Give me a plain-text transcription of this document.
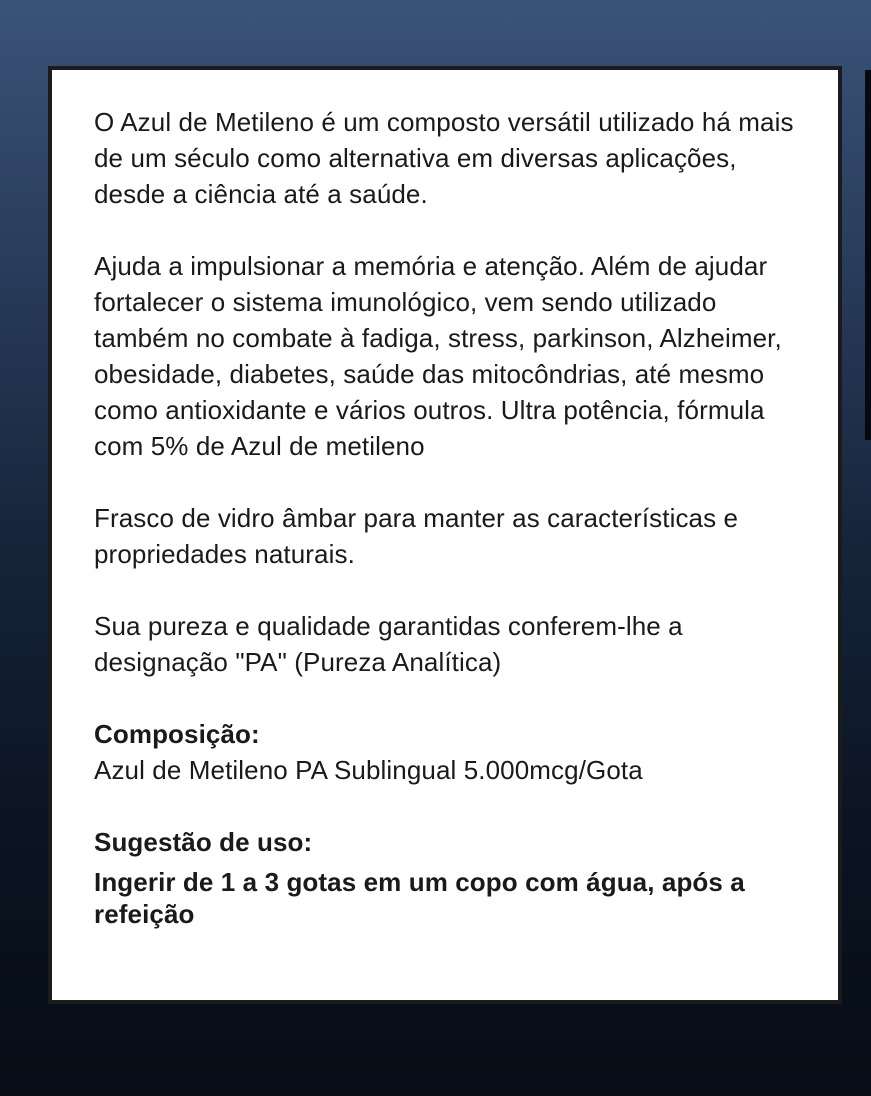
O Azul de Metileno é um composto versátil utilizado há mais de um século como alternativa em diversas aplicações, desde a ciência até a saúde.

Ajuda a impulsionar a memória e atenção. Além de ajudar fortalecer o sistema imunológico, vem sendo utilizado também no combate à fadiga, stress, parkinson, Alzheimer, obesidade, diabetes, saúde das mitocôndrias, até mesmo como antioxidante e vários outros. Ultra potência, fórmula com 5% de Azul de metileno

Frasco de vidro âmbar para manter as características e propriedades naturais.

Sua pureza e qualidade garantidas conferem-lhe a designação "PA" (Pureza Analítica)

Composição:

Azul de Metileno PA Sublingual 5.000mcg/Gota

Sugestão de uso:

Ingerir de 1 a 3 gotas em um copo com água, após a refeição
